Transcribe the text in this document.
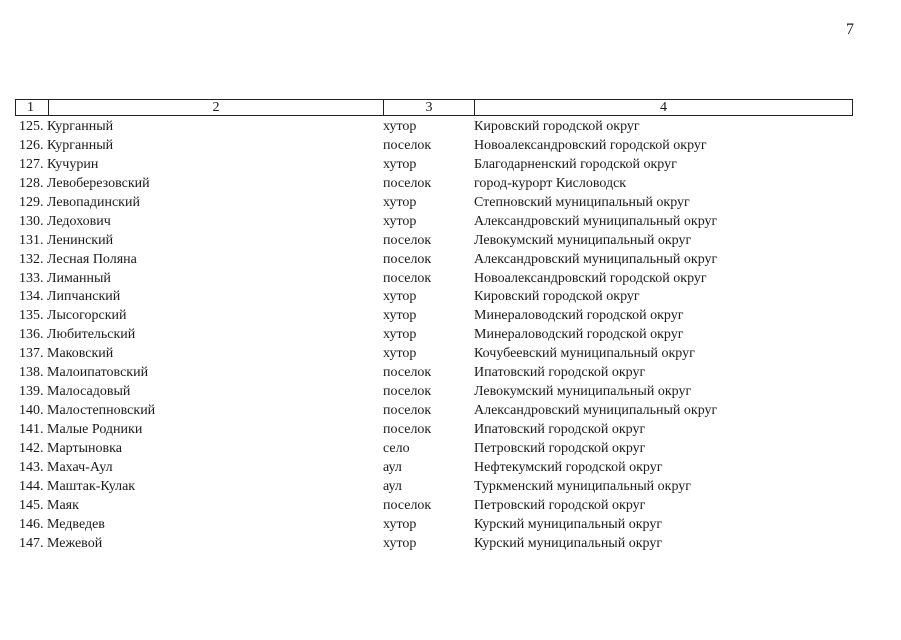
7
1	2	3	4
125. Курганный	хутор	Кировский городской округ
126. Курганный	поселок	Новоалександровский городской округ
127. Кучурин	хутор	Благодарненский городской округ
128. Левоберезовский	поселок	город-курорт Кисловодск
129. Левопадинский	хутор	Степновский муниципальный округ
130. Ледохович	хутор	Александровский муниципальный округ
131. Ленинский	поселок	Левокумский муниципальный округ
132. Лесная Поляна	поселок	Александровский муниципальный округ
133. Лиманный	поселок	Новоалександровский городской округ
134. Липчанский	хутор	Кировский городской округ
135. Лысогорский	хутор	Минераловодский городской округ
136. Любительский	хутор	Минераловодский городской округ
137. Маковский	хутор	Кочубеевский муниципальный округ
138. Малоипатовский	поселок	Ипатовский городской округ
139. Малосадовый	поселок	Левокумский муниципальный округ
140. Малостепновский	поселок	Александровский муниципальный округ
141. Малые Родники	поселок	Ипатовский городской округ
142. Мартыновка	село	Петровский городской округ
143. Махач-Аул	аул	Нефтекумский городской округ
144. Маштак-Кулак	аул	Туркменский муниципальный округ
145. Маяк	поселок	Петровский городской округ
146. Медведев	хутор	Курский муниципальный округ
147. Межевой	хутор	Курский муниципальный округ
